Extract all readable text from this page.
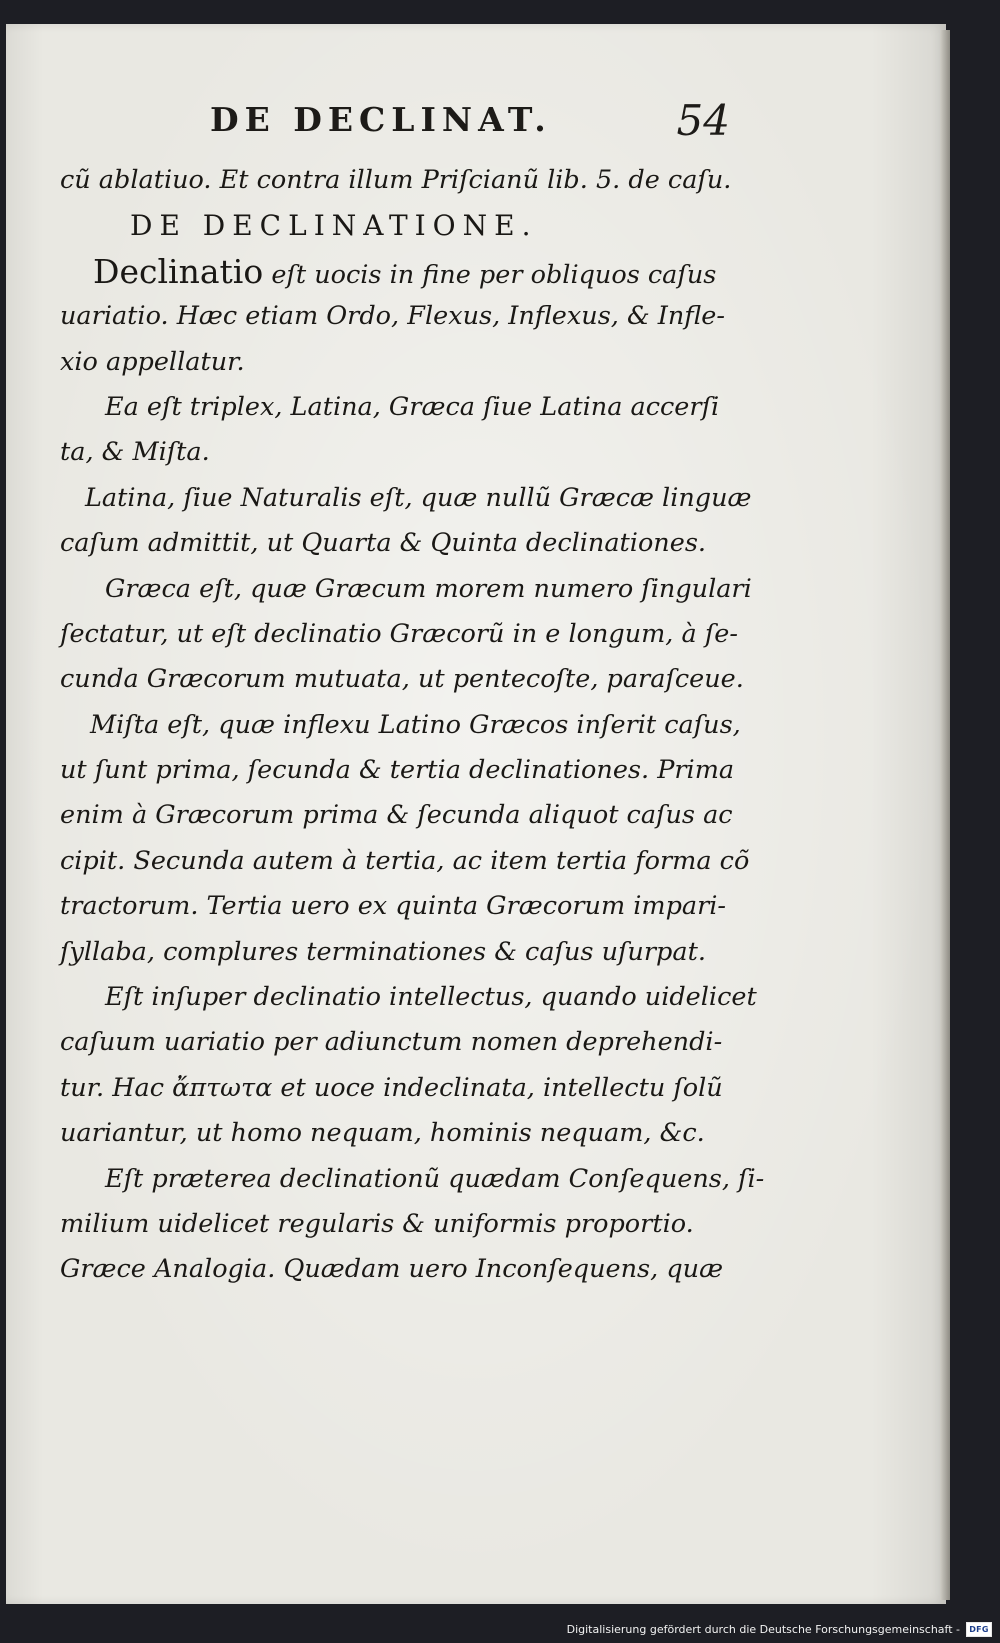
DE DECLINAT.	54
cũ ablatiuo. Et contra illum Priſcianũ lib. 5. de caſu.
DE DECLINATIONE.
Declinatio eſt uocis in fine per obliquos caſus
uariatio. Hæc etiam Ordo, Flexus, Inflexus, & Infle-
xio appellatur.
Ea eſt triplex, Latina, Græca ſiue Latina accerſi
ta, & Miſta.
Latina, ſiue Naturalis eſt, quæ nullũ Græcæ linguæ
caſum admittit, ut Quarta & Quinta declinationes.
Græca eſt, quæ Græcum morem numero ſingulari
ſectatur, ut eſt declinatio Græcorũ in e longum, à ſe-
cunda Græcorum mutuata, ut pentecoſte, paraſceue.
Miſta eſt, quæ inflexu Latino Græcos inſerit caſus,
ut ſunt prima, ſecunda & tertia declinationes. Prima
enim à Græcorum prima & ſecunda aliquot caſus ac
cipit. Secunda autem à tertia, ac item tertia forma cõ
tractorum. Tertia uero ex quinta Græcorum impari-
ſyllaba, complures terminationes & caſus uſurpat.
Eſt inſuper declinatio intellectus, quando uidelicet
caſuum uariatio per adiunctum nomen deprehendi-
tur. Hac ἄπτωτα et uoce indeclinata, intellectu ſolũ
uariantur, ut homo nequam, hominis nequam, &c.
Eſt præterea declinationũ quædam Conſequens, ſi-
milium uidelicet regularis & uniformis proportio.
Græce Analogia. Quædam uero Inconſequens, quæ
Digitalisierung gefördert durch die Deutsche Forschungsgemeinschaft -	DFG
